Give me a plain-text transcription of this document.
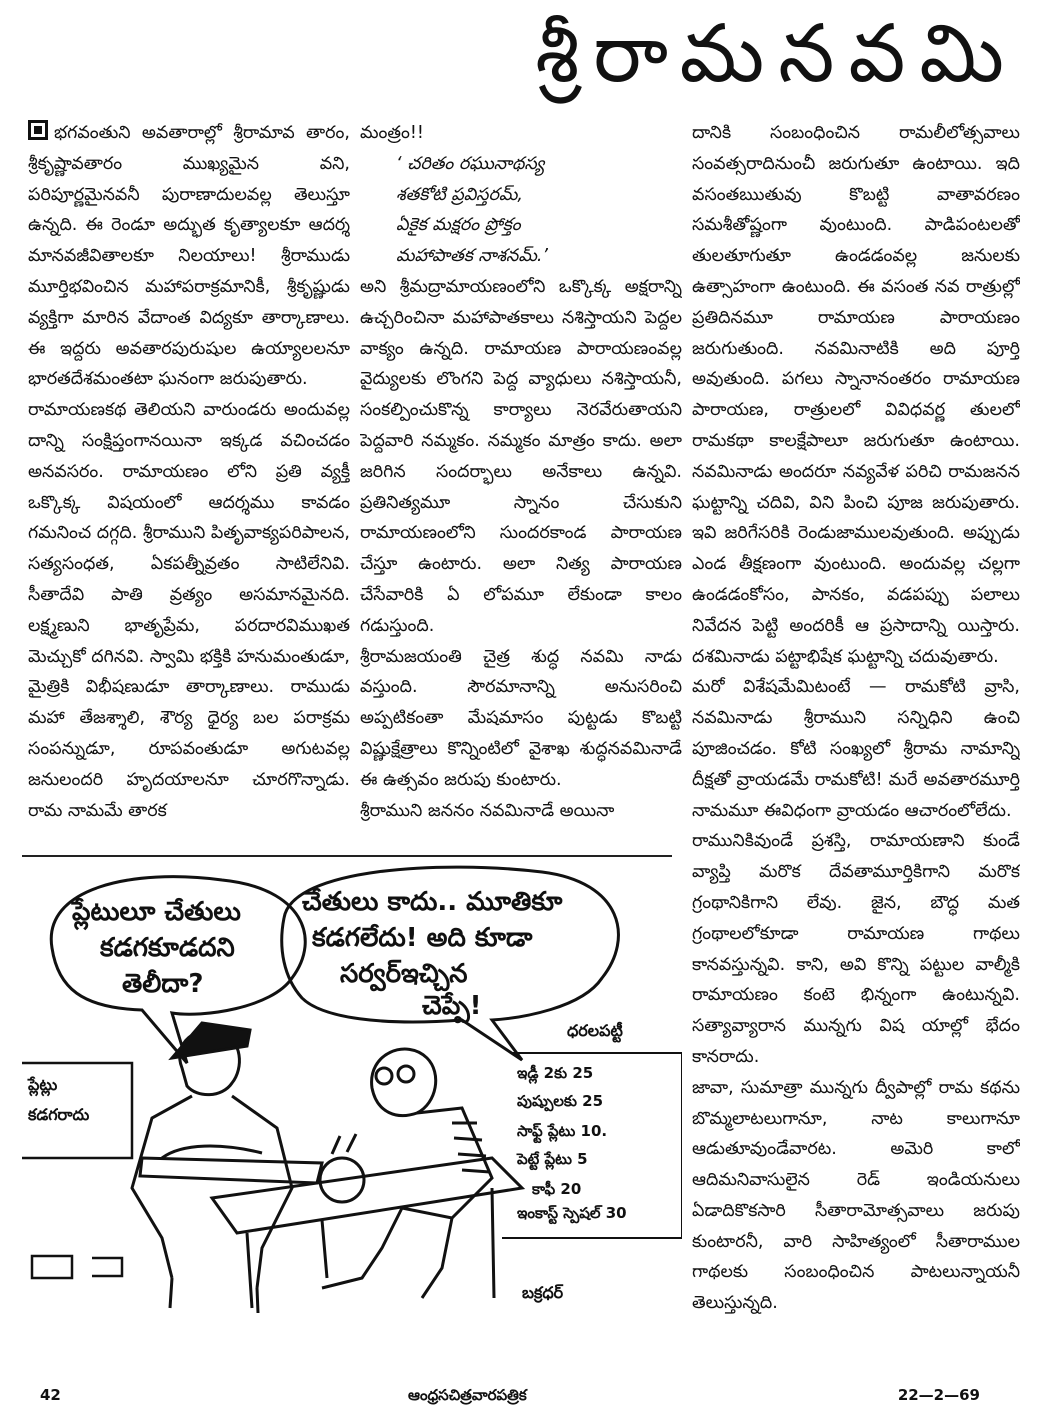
శ్రీరామనవమి
భగవంతుని అవతారాల్లో శ్రీరామావ తారం, శ్రీకృష్ణావతారం ముఖ్యమైన వని, పరిపూర్ణమైనవనీ పురాణాదులవల్ల తెలుస్తూ ఉన్నది. ఈ రెండూ అద్భుత కృత్యాలకూ ఆదర్శ మానవజీవితాలకూ నిలయాలు! శ్రీరాముడు మూర్తిభవించిన మహాపరాక్రమానికీ, శ్రీకృష్ణుడు వ్యక్తిగా మారిన వేదాంత విద్యకూ తార్కాణాలు. ఈ ఇద్దరు అవతారపురుషుల ఉయ్యాలలనూ భారతదేశమంతటా ఘనంగా జరుపుతారు.
రామాయణకథ తెలియని వారుండరు అందువల్ల దాన్ని సంక్షిప్తంగానయినా ఇక్కడ వచించడం అనవసరం. రామాయణం లోని ప్రతి వ్యక్తీ ఒక్కొక్క విషయంలో ఆదర్శము కావడం గమనించ దగ్గది. శ్రీరాముని పితృవాక్యపరిపాలన, సత్యసంధత, ఏకపత్నీవ్రతం సాటిలేనివి. సీతాదేవి పాతి వ్రత్యం అసమానమైనది. లక్ష్మణుని భాతృప్రేమ, పరదారవిముఖత మెచ్చుకో దగినవి. స్వామి భక్తికి హనుమంతుడూ, మైత్రికి విభీషణుడూ తార్కాణాలు. రాముడు మహా తేజశ్శాలి, శౌర్య ధైర్య బల పరాక్రమ సంపన్నుడూ, రూపవంతుడూ అగుటవల్ల జనులందరి హృదయాలనూ చూరగొన్నాడు. రామ నామమే తారక
మంత్రం!!

‘ చరితం రఘునాథస్య
శతకోటి ప్రవిస్తరమ్,
ఏకైక మక్షరం ప్రోక్తం
మహాపాతక నాశనమ్.’
అని శ్రీమద్రామాయణంలోని ఒక్కొక్క అక్షరాన్ని ఉచ్చరించినా మహాపాతకాలు నశిస్తాయని పెద్దల వాక్యం ఉన్నది. రామాయణ పారాయణంవల్ల వైద్యులకు లొంగని పెద్ద వ్యాధులు నశిస్తాయనీ, సంకల్పించుకొన్న కార్యాలు నెరవేరుతాయని పెద్దవారి నమ్మకం. నమ్మకం మాత్రం కాదు. అలా జరిగిన సందర్భాలు అనేకాలు ఉన్నవి. ప్రతినిత్యమూ స్నానం చేసుకుని రామాయణంలోని సుందరకాండ పారాయణ చేస్తూ ఉంటారు. అలా నిత్య పారాయణ చేసేవారికి ఏ లోపమూ లేకుండా కాలం గడుస్తుంది.
శ్రీరామజయంతి చైత్ర శుద్ధ నవమి నాడు వస్తుంది. సౌరమానాన్ని అనుసరించి అప్పటికంతా మేషమాసం పుట్టడు కొబట్టి విష్ణుక్షేత్రాలు కొన్నింటిలో వైశాఖ శుద్ధనవమినాడే ఈ ఉత్సవం జరుపు కుంటారు.
శ్రీరాముని జననం నవమినాడే అయినా
దానికి సంబంధించిన రామలీలోత్సవాలు సంవత్సరాదినుంచీ జరుగుతూ ఉంటాయి. ఇది వసంతఋతువు కొబట్టి వాతావరణం సమశీతోష్ణంగా వుంటుంది. పాడిపంటలతో తులతూగుతూ ఉండడంవల్ల జనులకు ఉత్సాహంగా ఉంటుంది. ఈ వసంత నవ రాత్రుల్లో ప్రతిదినమూ రామాయణ పారాయణం జరుగుతుంది. నవమినాటికి అది పూర్తి అవుతుంది. పగలు స్నానానంతరం రామాయణ పారాయణ, రాత్రులలో వివిధవర్ణ తులలో రామకథా కాలక్షేపాలూ జరుగుతూ ఉంటాయి. నవమినాడు అందరూ నవ్యవేళ పరిచి రామజనన ఘట్టాన్ని చదివి, విని పించి పూజ జరుపుతారు. ఇవి జరిగేసరికి రెండుజాములవుతుంది. అప్పుడు ఎండ తీక్షణంగా వుంటుంది. అందువల్ల చల్లగా ఉండడంకోసం, పానకం, వడపప్పు పలాలు నివేదన పెట్టి అందరికీ ఆ ప్రసాదాన్ని యిస్తారు. దశమినాడు పట్టాభిషేక ఘట్టాన్ని చదువుతారు.
మరో విశేషమేమిటంటే — రామకోటి వ్రాసి, నవమినాడు శ్రీరాముని సన్నిధిని ఉంచి పూజించడం. కోటి సంఖ్యలో శ్రీరామ నామాన్ని దీక్షతో వ్రాయడమే రామకోటి! మరే అవతారమూర్తి నామమూ ఈవిధంగా వ్రాయడం ఆచారంలోలేదు.
రామునికివుండే ప్రశస్తి, రామాయణాని కుండే వ్యాప్తి మరొక దేవతామూర్తికిగాని మరొక గ్రంథానికిగాని లేవు. జైన, బౌద్ధ మత గ్రంథాలలోకూడా రామాయణ గాథలు కానవస్తున్నవి. కాని, అవి కొన్ని పట్టుల వాల్మీకి రామాయణం కంటె భిన్నంగా ఉంటున్నవి. సత్యావ్యారాన మున్నగు విష యాల్లో భేదం కానరాదు.
జావా, సుమాత్రా మున్నగు ద్వీపాల్లో రామ కథను బొమ్మలాటలుగానూ, నాట కాలుగానూ ఆడుతూవుండేవారట. అమెరి కాలో ఆదిమనివాసులైన రెడ్ ఇండియనులు ఏడాదికొకసారి సీతారామోత్సవాలు జరుపు కుంటారనీ, వారి సాహిత్యంలో సీతారాముల గాథలకు సంబంధించిన పాటలున్నాయనీ తెలుస్తున్నది.
ప్లేటులూ చేతులు
కడగకూడదని
తెలీదా?
చేతులు కాదు.. మూతికూ
కడగలేదు! అది కూడా
సర్వర్‌ఇచ్చిన
చెప్పే!
ప్లేట్లు
కడగరాదు
ధరలపట్టీ
ఇడ్లీ 2కు 25
పుష్పులకు 25
సాఫ్ట్ ప్లేటు 10.
పెట్టే ప్లేటు 5
కాఫీ 20
ఇంకాస్ట్ స్పెషల్ 30
బక్రధర్
42	ఆంధ్రసచిత్రవారపత్రిక	22—2—69
